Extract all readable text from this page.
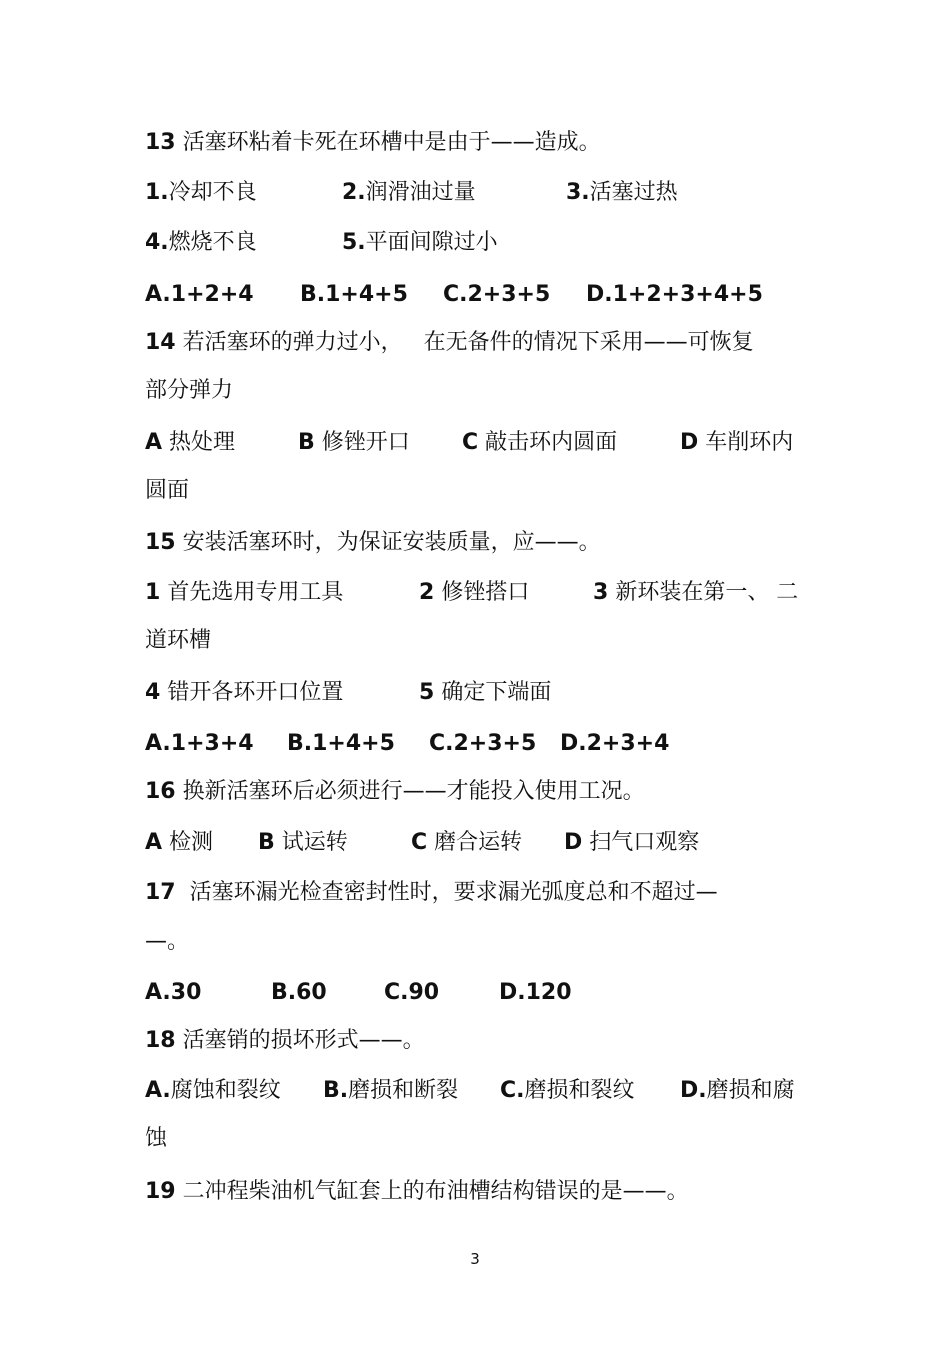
13 活塞环粘着卡死在环槽中是由于——造成。
1.冷却不良	2.润滑油过量	3.活塞过热
4.燃烧不良	5.平面间隙过小
A.1+2+4 B.1+4+5 C.2+3+5 D.1+2+3+4+5
14 若活塞环的弹力过小，   在无备件的情况下采用——可恢复
部分弹力
A 热处理	B 修锉开口 C 敲击环内圆面	D 车削环内
圆面
15 安装活塞环时，为保证安装质量，应——。
1 首先选用专用工具	2 修锉搭口	3 新环装在第一、 二
道环槽
4 错开各环开口位置	5 确定下端面
A.1+3+4 B.1+4+5 C.2+3+5 D.2+3+4
16 换新活塞环后必须进行——才能投入使用工况。
A 检测 B 试运转	C 磨合运转 D 扫气口观察
17  活塞环漏光检查密封性时，要求漏光弧度总和不超过—
—。
A.30	B.60	C.90	D.120
18 活塞销的损坏形式——。
A.腐蚀和裂纹 B.磨损和断裂 C.磨损和裂纹 D.磨损和腐
蚀
19 二冲程柴油机气缸套上的布油槽结构错误的是——。
3
